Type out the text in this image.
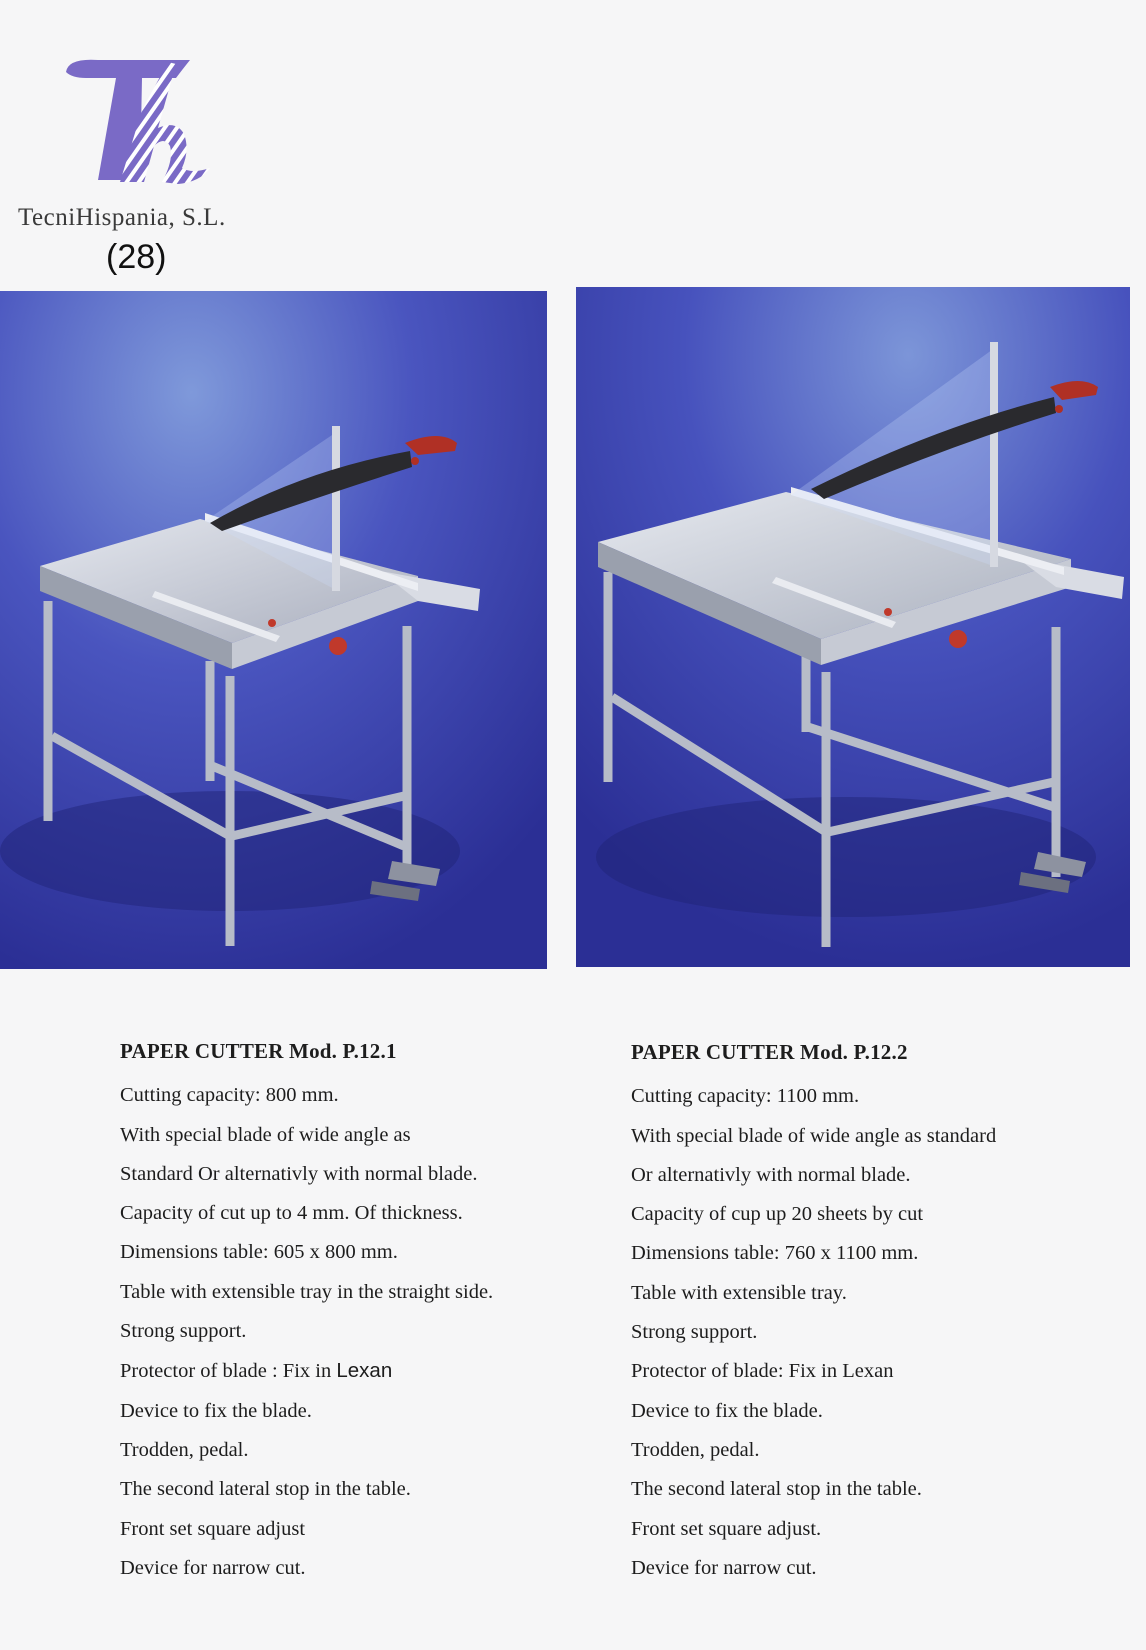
TecniHispania, S.L.
(28)
PAPER CUTTER Mod. P.12.1
Cutting capacity: 800 mm.
With special blade of wide angle as
Standard Or alternativly with normal blade.
Capacity of cut up to 4 mm. Of thickness.
Dimensions table: 605 x 800 mm.
Table with extensible tray in the straight side.
Strong support.
Protector of blade : Fix in Lexan
Device to fix the blade.
Trodden, pedal.
The second lateral stop in the table.
Front set square adjust
Device for narrow cut.
PAPER CUTTER Mod. P.12.2
Cutting capacity: 1100 mm.
With special blade of wide angle as standard
Or alternativly with normal blade.
Capacity of cup up 20 sheets by cut
Dimensions table: 760 x 1100 mm.
Table with extensible tray.
Strong support.
Protector of blade: Fix in Lexan
Device to fix the blade.
Trodden, pedal.
The second lateral stop in the table.
Front set square adjust.
Device for narrow cut.
